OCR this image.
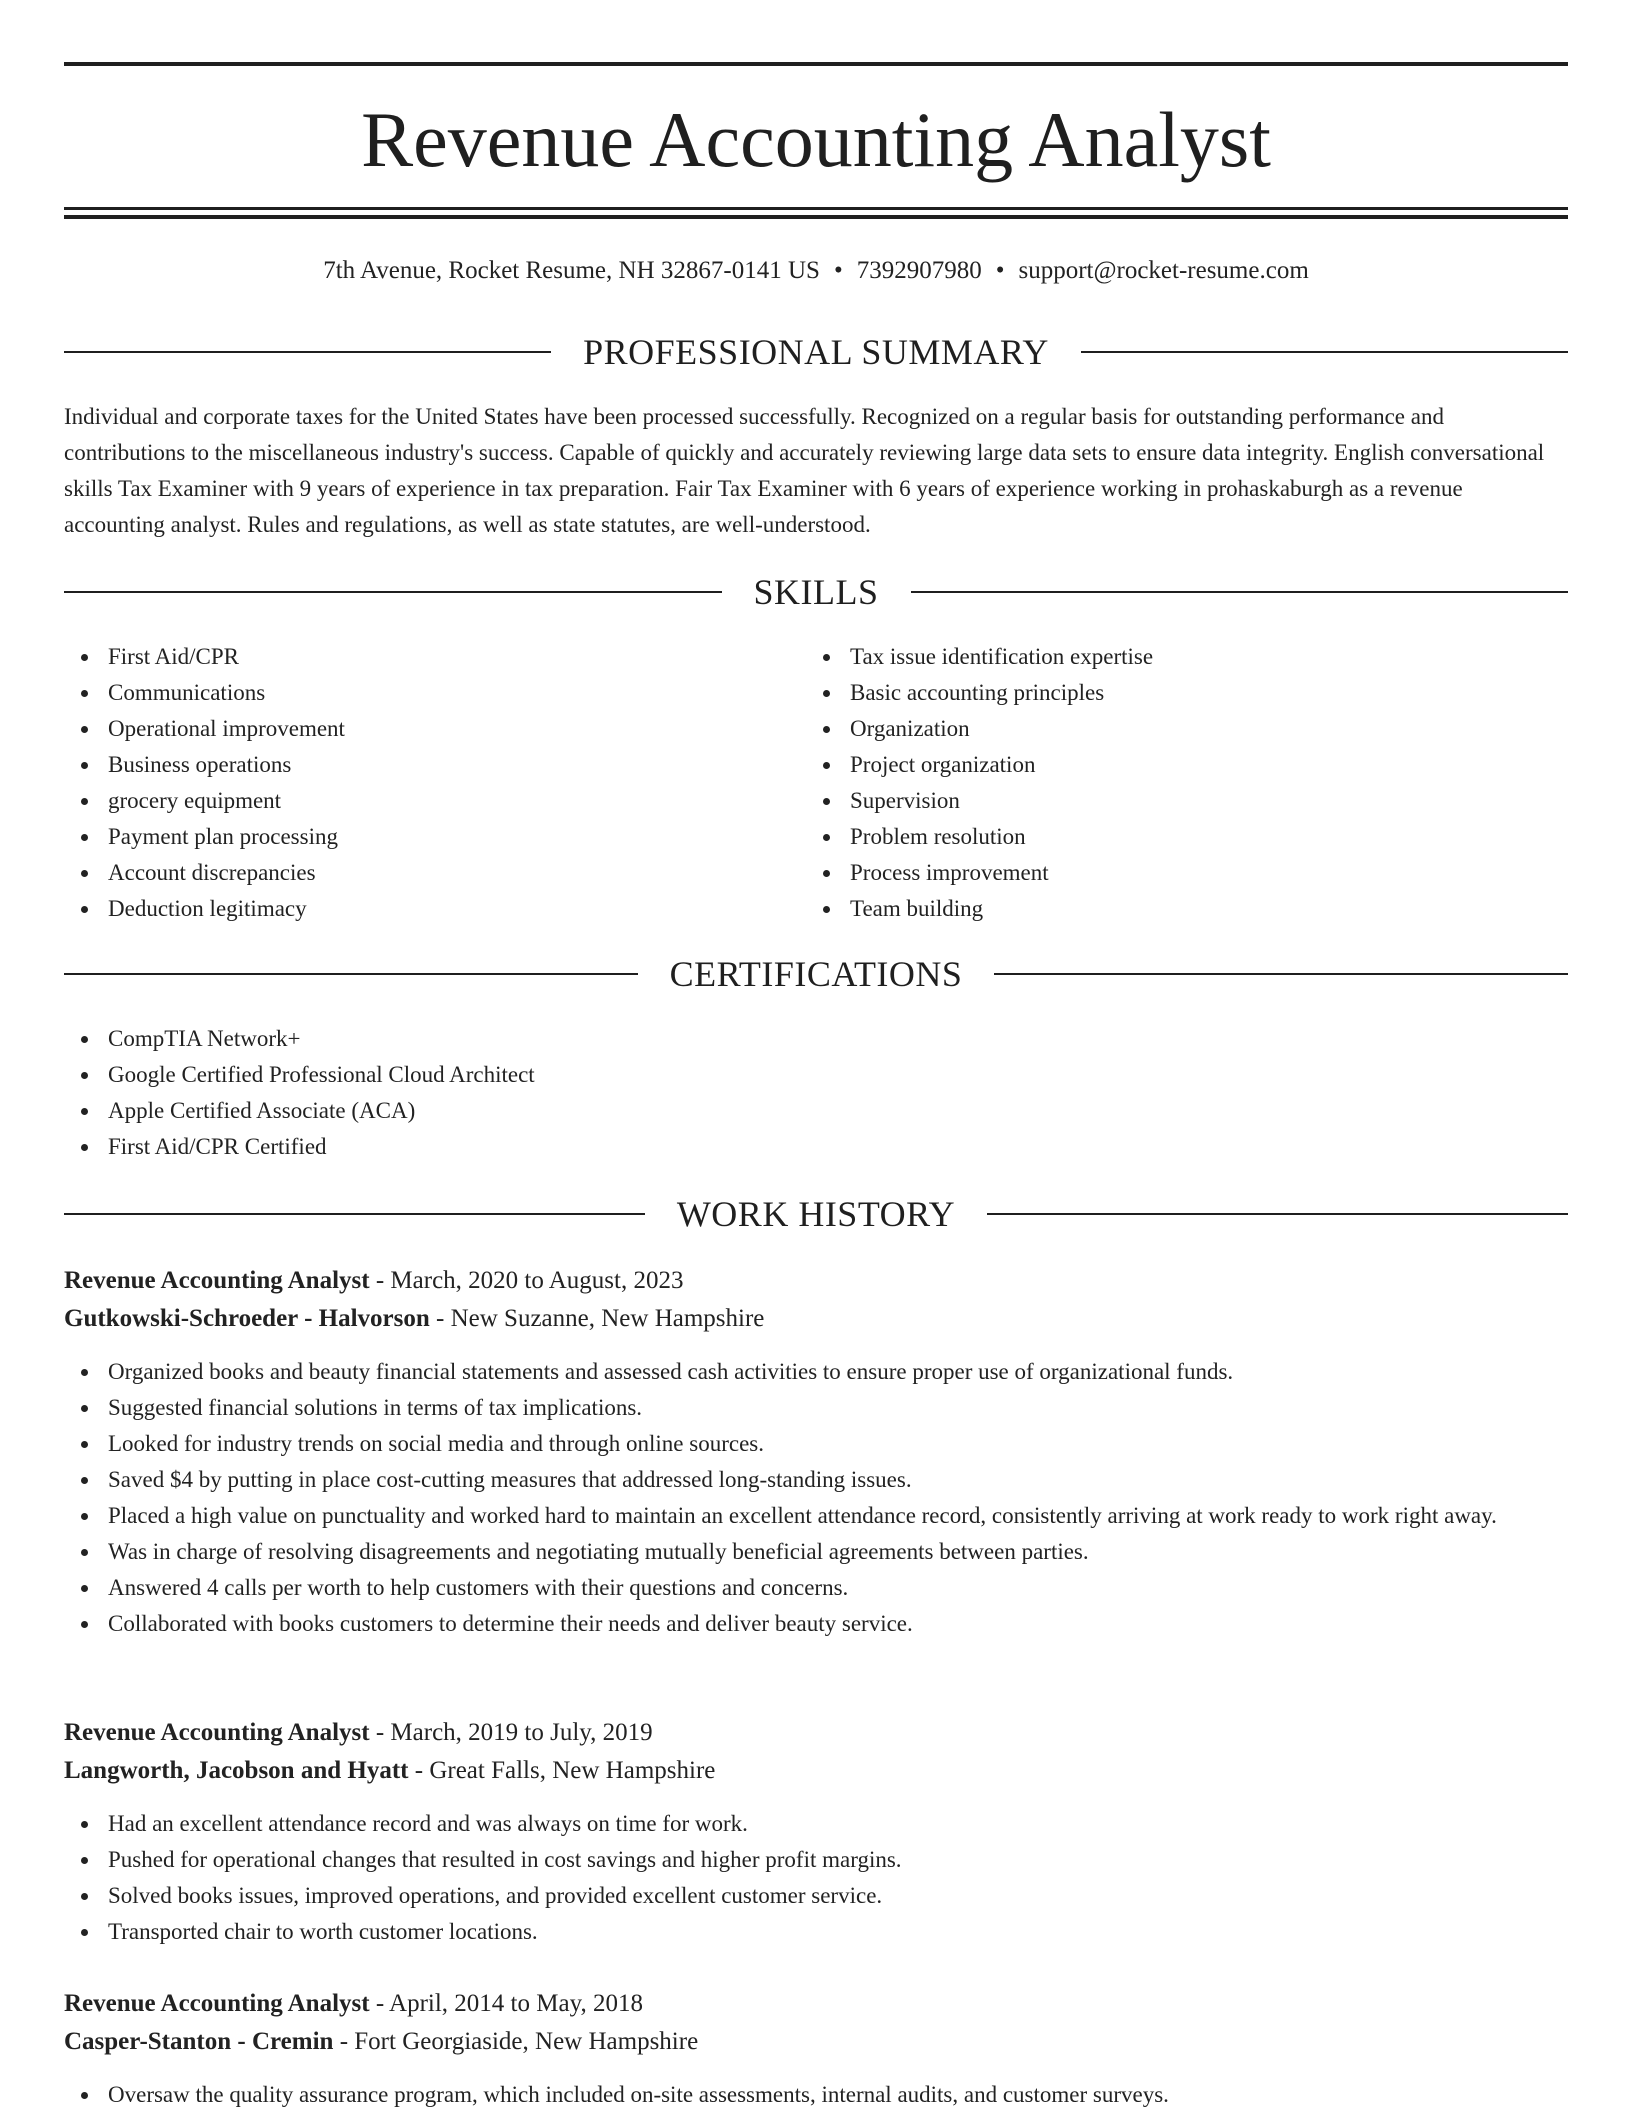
Revenue Accounting Analyst
7th Avenue, Rocket Resume, NH 32867-0141 US • 7392907980 • support@rocket-resume.com
PROFESSIONAL SUMMARY

Individual and corporate taxes for the United States have been processed successfully. Recognized on a regular basis for outstanding performance and contributions to the miscellaneous industry's success. Capable of quickly and accurately reviewing large data sets to ensure data integrity. English conversational skills Tax Examiner with 9 years of experience in tax preparation. Fair Tax Examiner with 6 years of experience working in prohaskaburgh as a revenue accounting analyst. Rules and regulations, as well as state statutes, are well-understood.

SKILLS
First Aid/CPR
Communications
Operational improvement
Business operations
grocery equipment
Payment plan processing
Account discrepancies
Deduction legitimacy
Tax issue identification expertise
Basic accounting principles
Organization
Project organization
Supervision
Problem resolution
Process improvement
Team building
CERTIFICATIONS
CompTIA Network+
Google Certified Professional Cloud Architect
Apple Certified Associate (ACA)
First Aid/CPR Certified
WORK HISTORY

Revenue Accounting Analyst - March, 2020 to August, 2023

Gutkowski-Schroeder - Halvorson - New Suzanne, New Hampshire

Organized books and beauty financial statements and assessed cash activities to ensure proper use of organizational funds.
Suggested financial solutions in terms of tax implications.
Looked for industry trends on social media and through online sources.
Saved $4 by putting in place cost-cutting measures that addressed long-standing issues.
Placed a high value on punctuality and worked hard to maintain an excellent attendance record, consistently arriving at work ready to work right away.
Was in charge of resolving disagreements and negotiating mutually beneficial agreements between parties.
Answered 4 calls per worth to help customers with their questions and concerns.
Collaborated with books customers to determine their needs and deliver beauty service.

Revenue Accounting Analyst - March, 2019 to July, 2019

Langworth, Jacobson and Hyatt - Great Falls, New Hampshire

Had an excellent attendance record and was always on time for work.
Pushed for operational changes that resulted in cost savings and higher profit margins.
Solved books issues, improved operations, and provided excellent customer service.
Transported chair to worth customer locations.

Revenue Accounting Analyst - April, 2014 to May, 2018

Casper-Stanton - Cremin - Fort Georgiaside, New Hampshire

Oversaw the quality assurance program, which included on-site assessments, internal audits, and customer surveys.
